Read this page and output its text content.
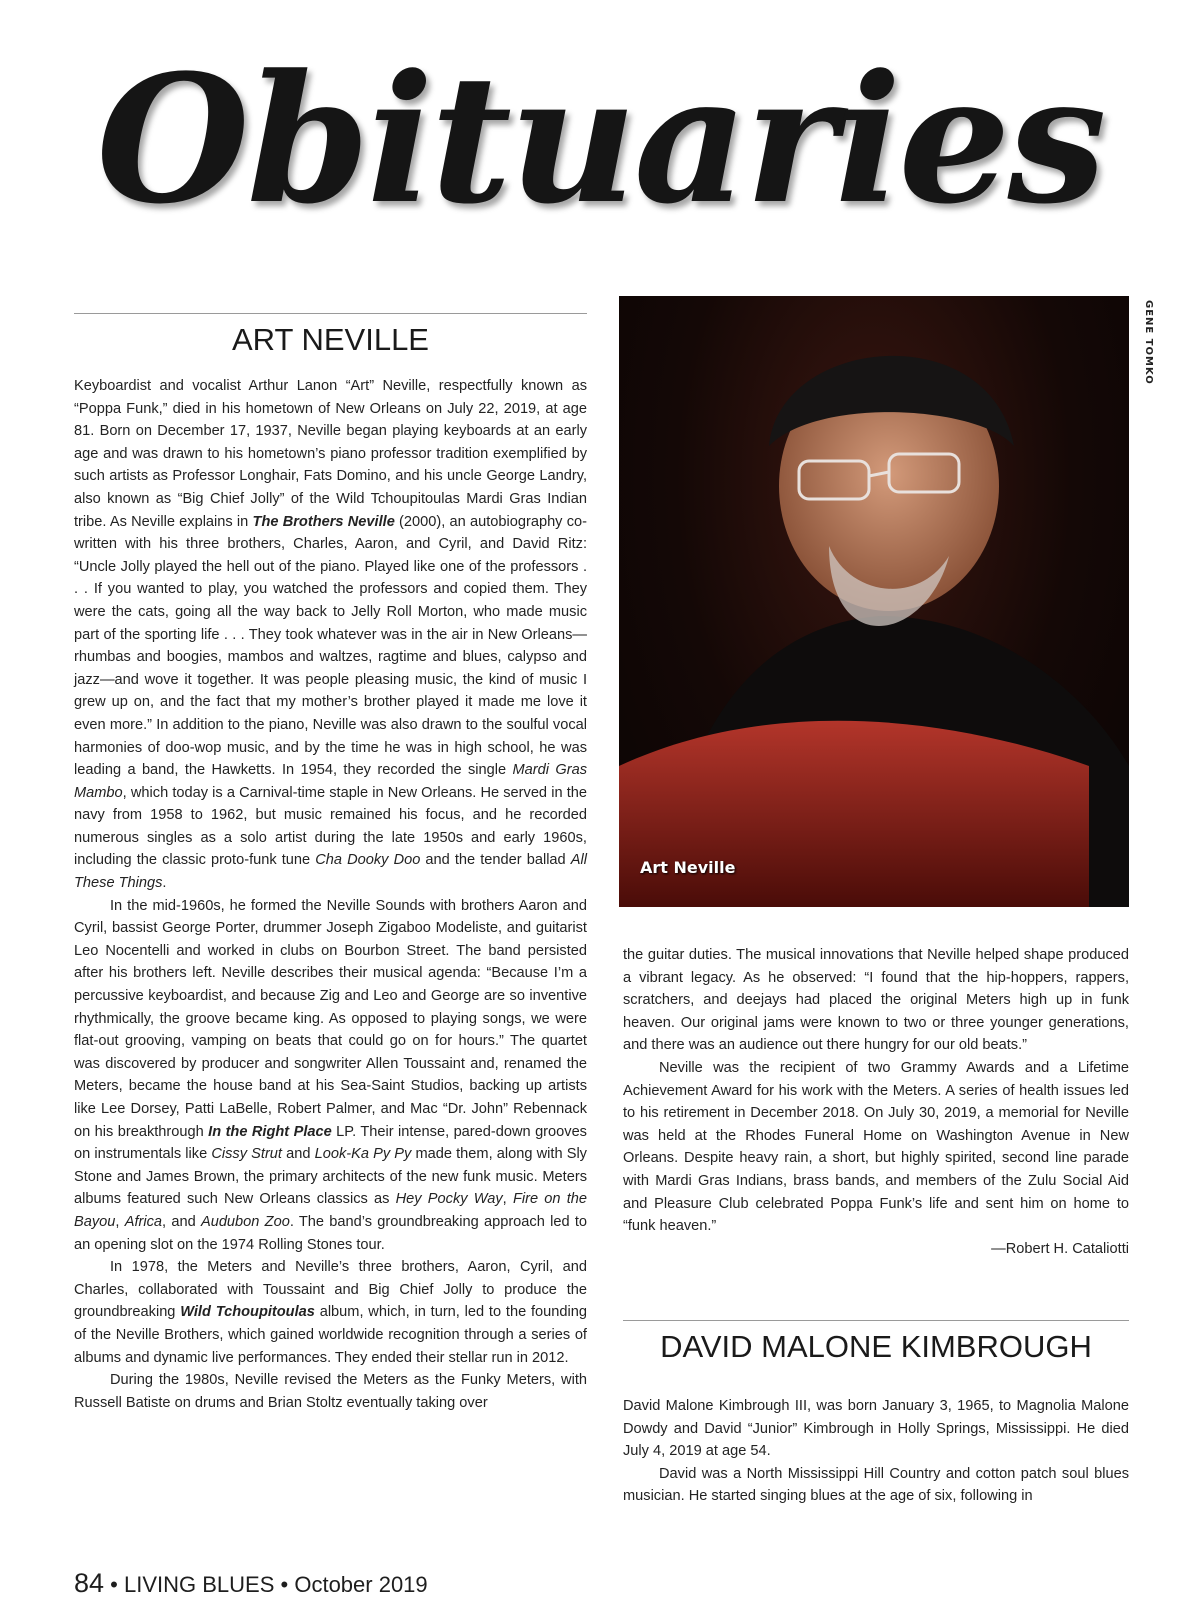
Obituaries
ART NEVILLE

Keyboardist and vocalist Arthur Lanon “Art” Neville, respectfully known as “Poppa Funk,” died in his hometown of New Orleans on July 22, 2019, at age 81. Born on December 17, 1937, Neville began playing keyboards at an early age and was drawn to his hometown’s piano professor tradition exemplified by such artists as Professor Longhair, Fats Domino, and his uncle George Landry, also known as “Big Chief Jolly” of the Wild Tchoupitoulas Mardi Gras Indian tribe. As Neville explains in The Brothers Neville (2000), an autobiography co-written with his three brothers, Charles, Aaron, and Cyril, and David Ritz: “Uncle Jolly played the hell out of the piano. Played like one of the professors . . . If you wanted to play, you watched the professors and copied them. They were the cats, going all the way back to Jelly Roll Morton, who made music part of the sporting life . . . They took whatever was in the air in New Orleans—rhumbas and boogies, mambos and waltzes, ragtime and blues, calypso and jazz—and wove it together. It was people pleasing music, the kind of music I grew up on, and the fact that my mother’s brother played it made me love it even more.” In addition to the piano, Neville was also drawn to the soulful vocal harmonies of doo-wop music, and by the time he was in high school, he was leading a band, the Hawketts. In 1954, they recorded the single Mardi Gras Mambo, which today is a Carnival-time staple in New Orleans. He served in the navy from 1958 to 1962, but music remained his focus, and he recorded numerous singles as a solo artist during the late 1950s and early 1960s, including the classic proto-funk tune Cha Dooky Doo and the tender ballad All These Things.

In the mid-1960s, he formed the Neville Sounds with brothers Aaron and Cyril, bassist George Porter, drummer Joseph Zigaboo Modeliste, and guitarist Leo Nocentelli and worked in clubs on Bourbon Street. The band persisted after his brothers left. Neville describes their musical agenda: “Because I’m a percussive keyboardist, and because Zig and Leo and George are so inventive rhythmically, the groove became king. As opposed to playing songs, we were flat-out grooving, vamping on beats that could go on for hours.” The quartet was discovered by producer and songwriter Allen Toussaint and, renamed the Meters, became the house band at his Sea-Saint Studios, backing up artists like Lee Dorsey, Patti LaBelle, Robert Palmer, and Mac “Dr. John” Rebennack on his breakthrough In the Right Place LP. Their intense, pared-down grooves on instrumentals like Cissy Strut and Look-Ka Py Py made them, along with Sly Stone and James Brown, the primary architects of the new funk music. Meters albums featured such New Orleans classics as Hey Pocky Way, Fire on the Bayou, Africa, and Audubon Zoo. The band’s groundbreaking approach led to an opening slot on the 1974 Rolling Stones tour.

In 1978, the Meters and Neville’s three brothers, Aaron, Cyril, and Charles, collaborated with Toussaint and Big Chief Jolly to produce the groundbreaking Wild Tchoupitoulas album, which, in turn, led to the founding of the Neville Brothers, which gained worldwide recognition through a series of albums and dynamic live performances. They ended their stellar run in 2012.

During the 1980s, Neville revised the Meters as the Funky Meters, with Russell Batiste on drums and Brian Stoltz eventually taking over

GENE TOMKO
Art Neville

the guitar duties. The musical innovations that Neville helped shape produced a vibrant legacy. As he observed: “I found that the hip-hoppers, rappers, scratchers, and deejays had placed the original Meters high up in funk heaven. Our original jams were known to two or three younger generations, and there was an audience out there hungry for our old beats.”

Neville was the recipient of two Grammy Awards and a Lifetime Achievement Award for his work with the Meters. A series of health issues led to his retirement in December 2018. On July 30, 2019, a memorial for Neville was held at the Rhodes Funeral Home on Washington Avenue in New Orleans. Despite heavy rain, a short, but highly spirited, second line parade with Mardi Gras Indians, brass bands, and members of the Zulu Social Aid and Pleasure Club celebrated Poppa Funk’s life and sent him on home to “funk heaven.”

—Robert H. Cataliotti

DAVID MALONE KIMBROUGH

David Malone Kimbrough III, was born January 3, 1965, to Magnolia Malone Dowdy and David “Junior” Kimbrough in Holly Springs, Mississippi. He died July 4, 2019 at age 54.

David was a North Mississippi Hill Country and cotton patch soul blues musician. He started singing blues at the age of six, following in

84 • LIVING BLUES • October 2019
